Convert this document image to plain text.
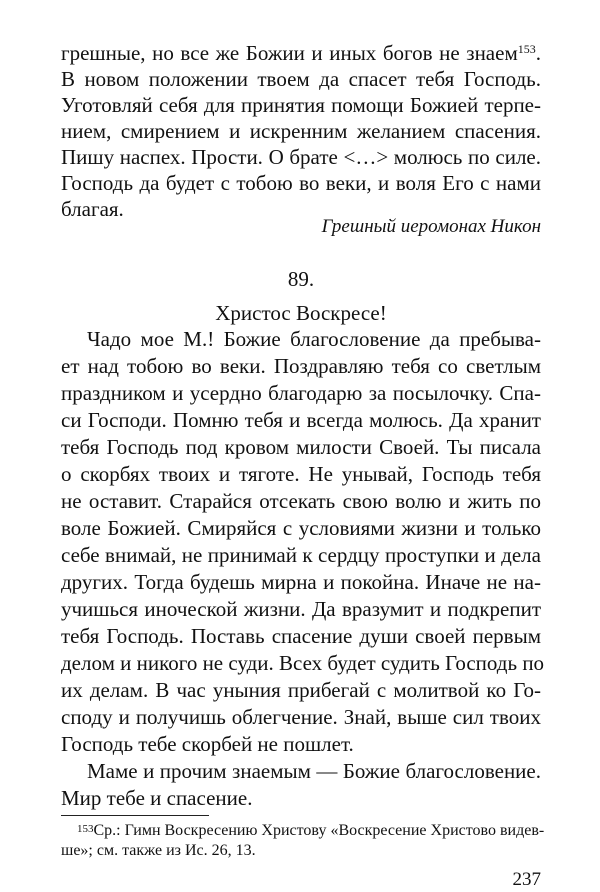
грешные, но все же Божии и иных богов не знаем$^{153}$.
В новом положении твоем да спасет тебя Господь.
Уготовляй себя для принятия помощи Божией терпе-
нием, смирением и искренним желанием спасения.
Пишу наспех. Прости. О брате <…> молюсь по силе.
Господь да будет с тобою во веки, и воля Его с нами
благая.
Грешный иеромонах Никон
89.
Христос Воскресе!
Чадо мое М.! Божие благословение да пребыва-
ет над тобою во веки. Поздравляю тебя со светлым
праздником и усердно благодарю за посылочку. Спа-
си Господи. Помню тебя и всегда молюсь. Да хранит
тебя Господь под кровом милости Своей. Ты писала
о скорбях твоих и тяготе. Не унывай, Господь тебя
не оставит. Старайся отсекать свою волю и жить по
воле Божией. Смиряйся с условиями жизни и только
себе внимай, не принимай к сердцу проступки и дела
других. Тогда будешь мирна и покойна. Иначе не на-
учишься иноческой жизни. Да вразумит и подкрепит
тебя Господь. Поставь спасение души своей первым
делом и никого не суди. Всех будет судить Господь по
их делам. В час уныния прибегай с молитвой ко Го-
споду и получишь облегчение. Знай, выше сил твоих
Господь тебе скорбей не пошлет.
Маме и прочим знаемым — Божие благословение.
Мир тебе и спасение.
$^{153}$Ср.: Гимн Воскресению Христову «Воскресение Христово видев-
ше»; см. также из Ис. 26, 13.
237
